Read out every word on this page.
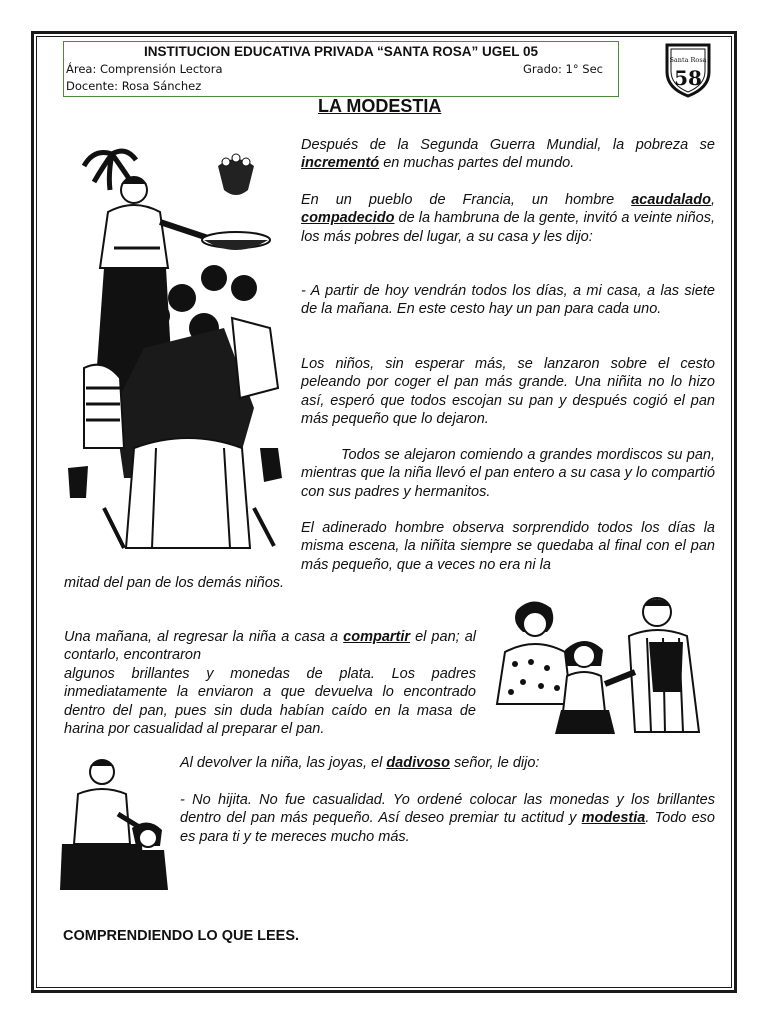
INSTITUCION EDUCATIVA PRIVADA “SANTA ROSA” UGEL 05
Área: Comprensión Lectora	Grado: 1° Sec
Docente: Rosa Sánchez
Santa Rosa
58
LA MODESTIA
Después de la Segunda Guerra Mundial, la pobreza se incrementó en muchas partes del mundo.
En un pueblo de Francia, un hombre acaudalado, compadecido de la hambruna de la gente, invitó a veinte niños, los más pobres del lugar, a su casa y les dijo:
- A partir de hoy vendrán todos los días, a mi casa, a las siete de la mañana. En este cesto hay un pan para cada uno.
Los niños, sin esperar más, se lanzaron sobre el cesto peleando por coger el pan más grande. Una niñita no lo hizo así, esperó que todos escojan su pan y después cogió el pan más pequeño que lo dejaron.
Todos se alejaron comiendo a grandes mordiscos su pan, mientras que la niña llevó el pan entero a su casa y lo compartió con sus padres y hermanitos.
El adinerado hombre observa sorprendido todos los días la misma escena, la niñita siempre se quedaba al final con el pan más pequeño, que a veces no era ni la
mitad del pan de los demás niños.
Una mañana, al regresar la niña a casa a compartir el pan; al contarlo, encontraron
algunos brillantes y monedas de plata. Los padres inmediatamente la enviaron a que devuelva lo encontrado dentro del pan, pues sin duda habían caído en la masa de harina por casualidad al preparar el pan.
Al devolver la niña, las joyas, el dadivoso señor, le dijo:
- No hijita. No fue casualidad. Yo ordené colocar las monedas y los brillantes dentro del pan más pequeño. Así deseo premiar tu actitud y modestia. Todo eso es para ti y te mereces mucho más.
COMPRENDIENDO LO QUE LEES.
